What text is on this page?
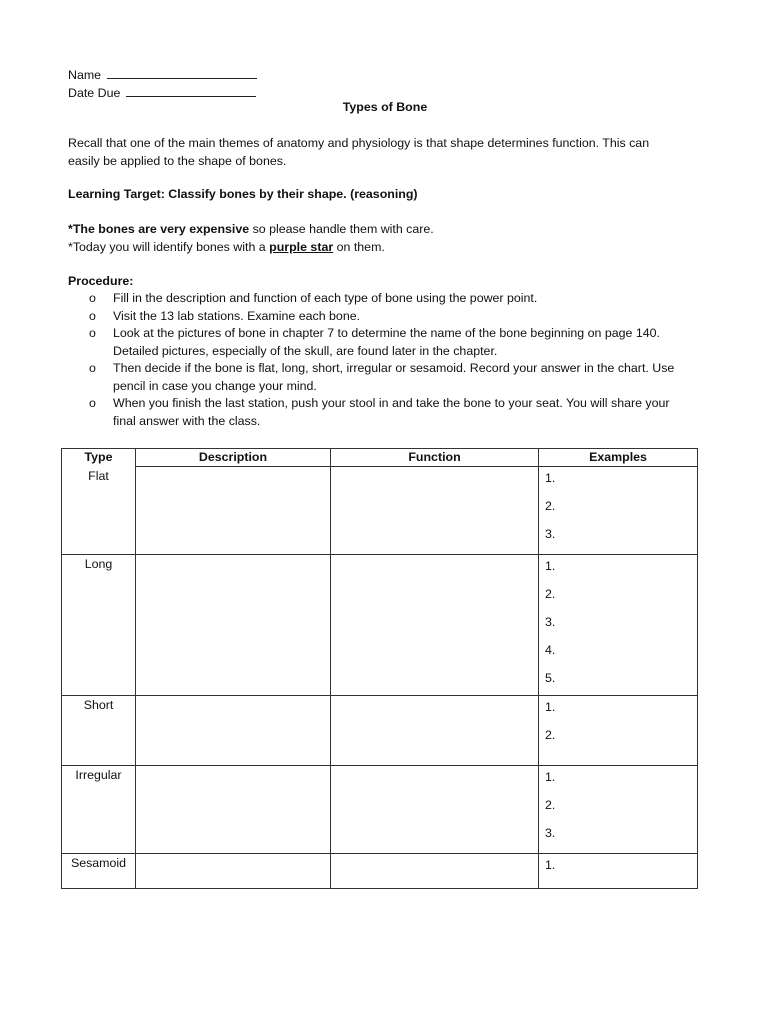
Name
Date Due
Types of Bone
Recall that one of the main themes of anatomy and physiology is that shape determines function. This can
easily be applied to the shape of bones.
Learning Target: Classify bones by their shape. (reasoning)
*The bones are very expensive so please handle them with care.
*Today you will identify bones with a purple star on them.
Procedure:
o Fill in the description and function of each type of bone using the power point.
o Visit the 13 lab stations. Examine each bone.
o Look at the pictures of bone in chapter 7 to determine the name of the bone beginning on page 140.
Detailed pictures, especially of the skull, are found later in the chapter.
o Then decide if the bone is flat, long, short, irregular or sesamoid. Record your answer in the chart. Use
pencil in case you change your mind.
o When you finish the last station, push your stool in and take the bone to your seat. You will share your
final answer with the class.
Type	Description	Function	Examples

Flat			1.
2.
3.

Long			1.
2.
3.
4.
5.

Short			1.
2.

Irregular			1.
2.
3.

Sesamoid			1.
